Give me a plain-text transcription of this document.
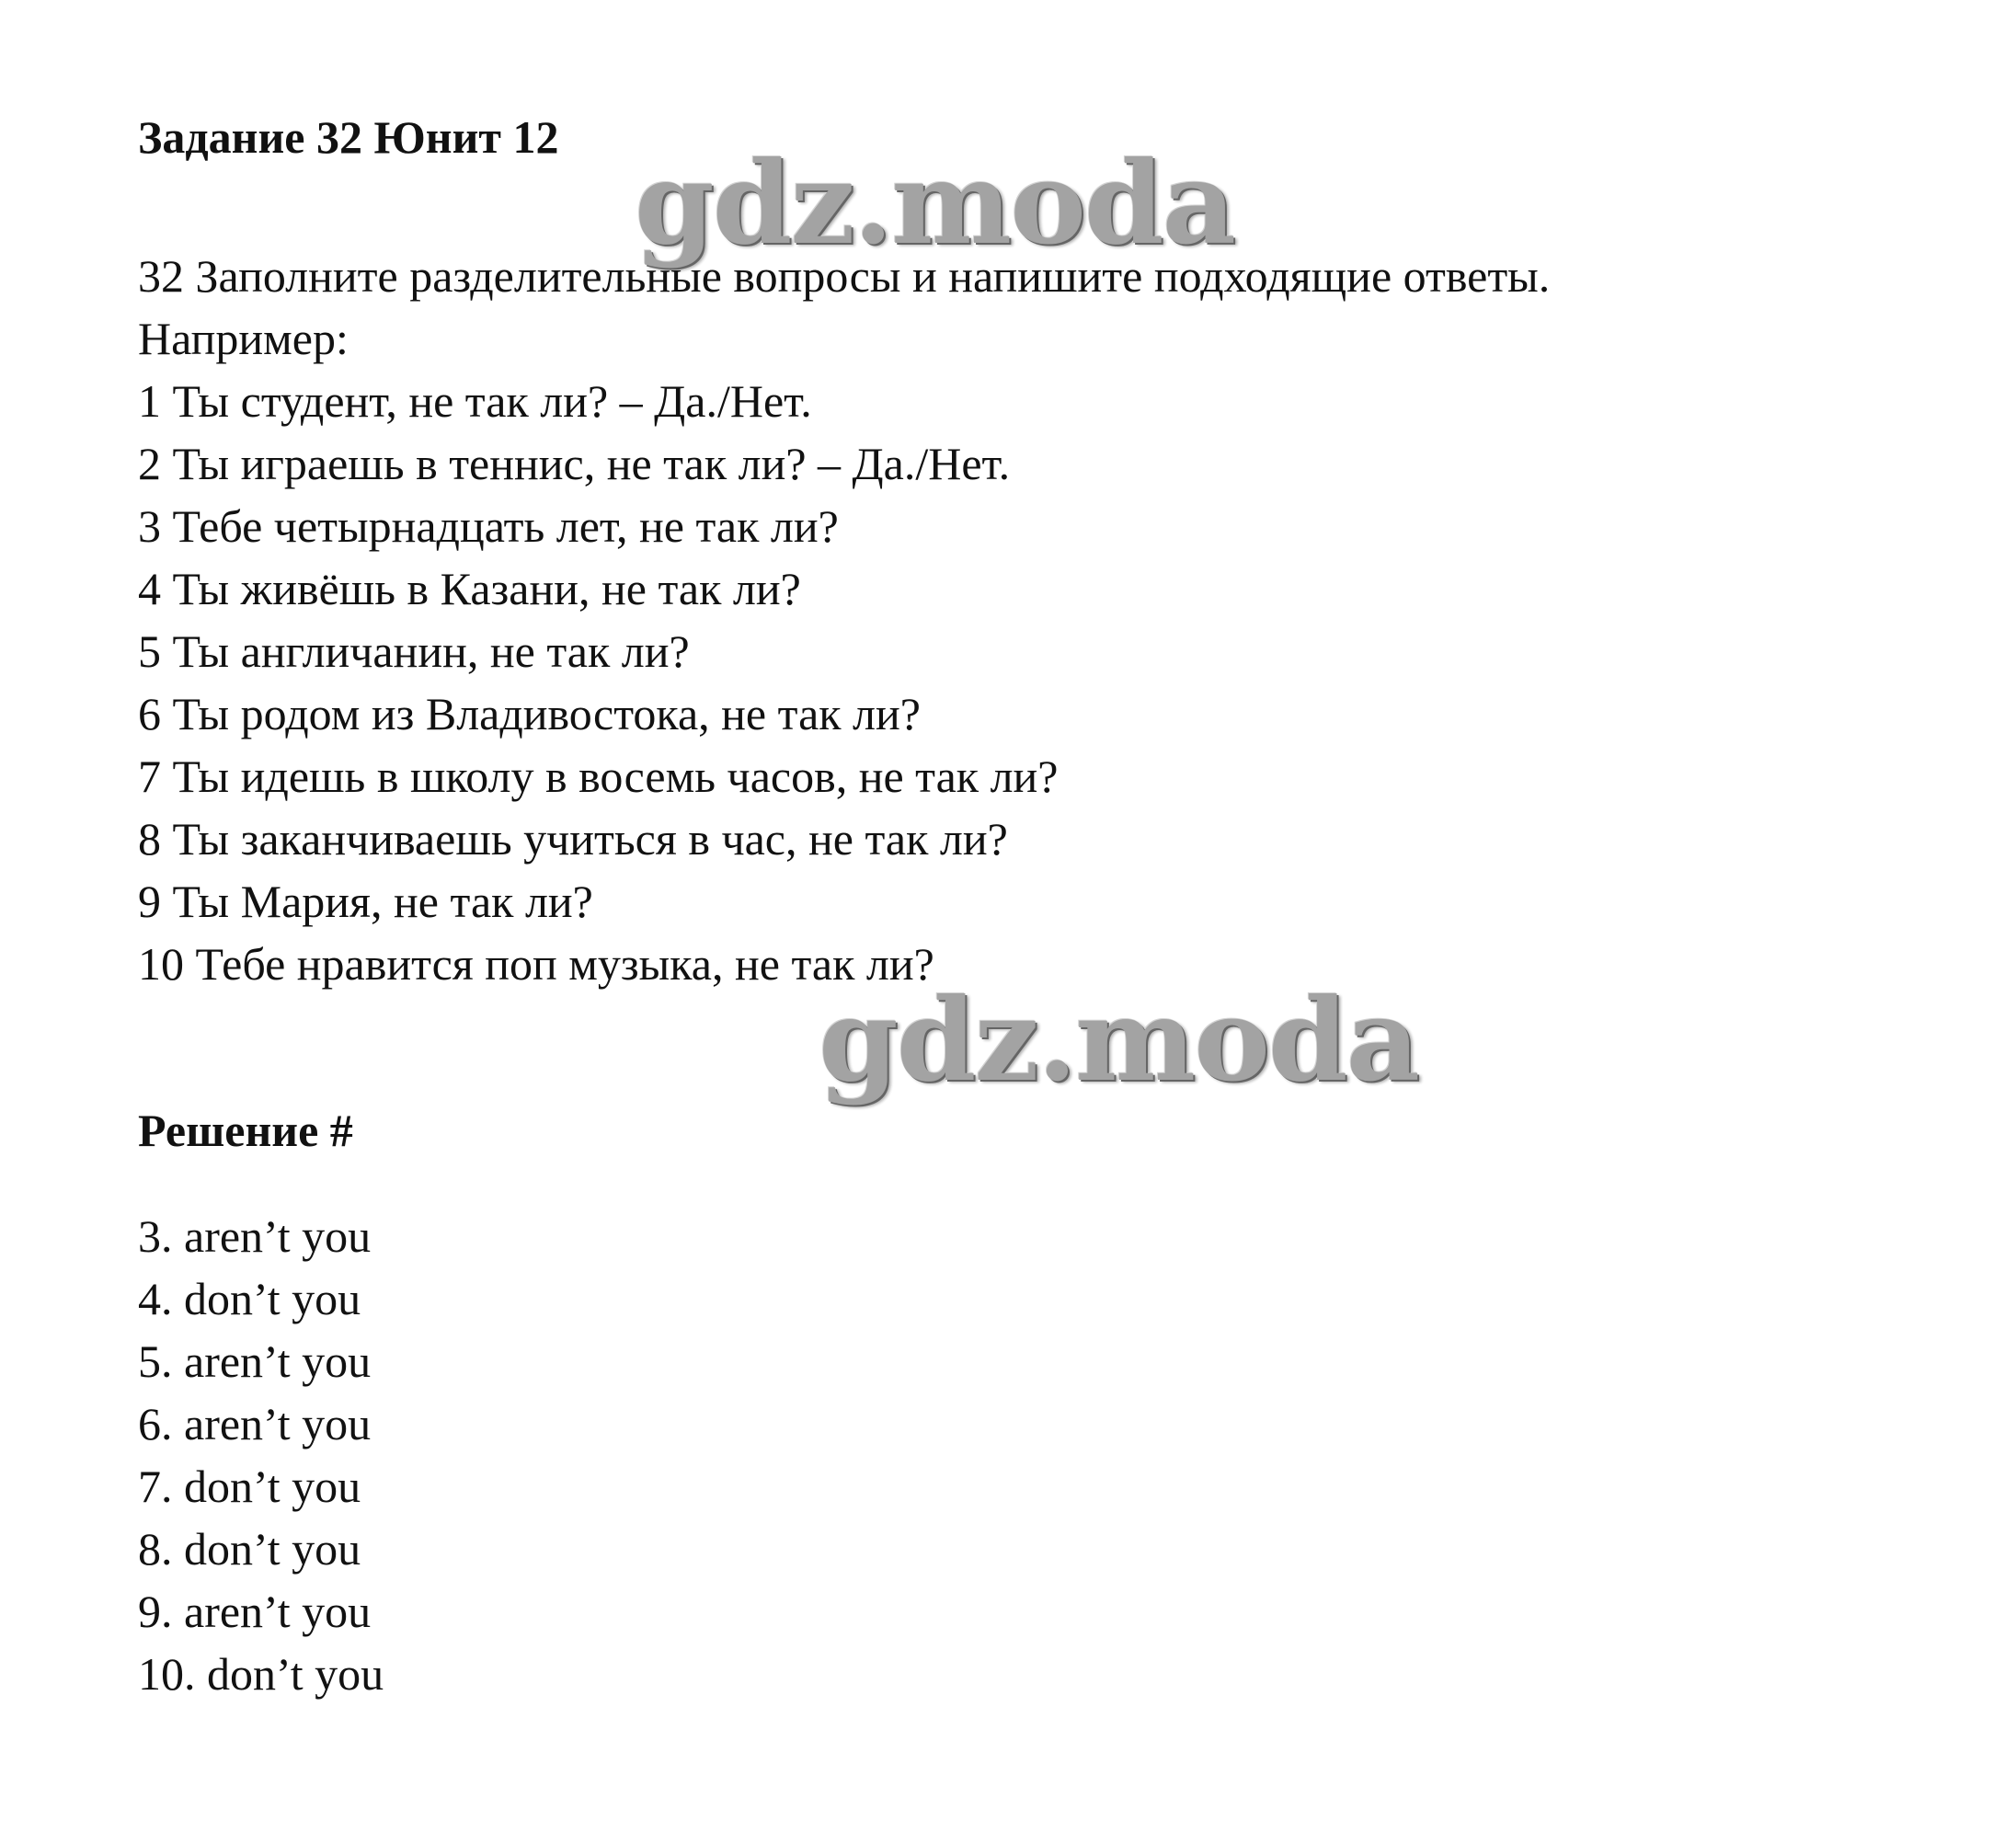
Задание 32 Юнит 12 gdz.moda
32 Заполните разделительные вопросы и напишите подходящие ответы.
Например:
1 Ты студент, не так ли? – Да./Нет.
2 Ты играешь в теннис, не так ли? – Да./Нет.
3 Тебе четырнадцать лет, не так ли?
4 Ты живёшь в Казани, не так ли?
5 Ты англичанин, не так ли?
6 Ты родом из Владивостока, не так ли?
7 Ты идешь в школу в восемь часов, не так ли?
8 Ты заканчиваешь учиться в час, не так ли?
9 Ты Мария, не так ли?
10 Тебе нравится поп музыка, не так ли?
gdz.moda
Решение #
3. aren’t you
4. don’t you
5. aren’t you
6. aren’t you
7. don’t you
8. don’t you
9. aren’t you
10. don’t you
